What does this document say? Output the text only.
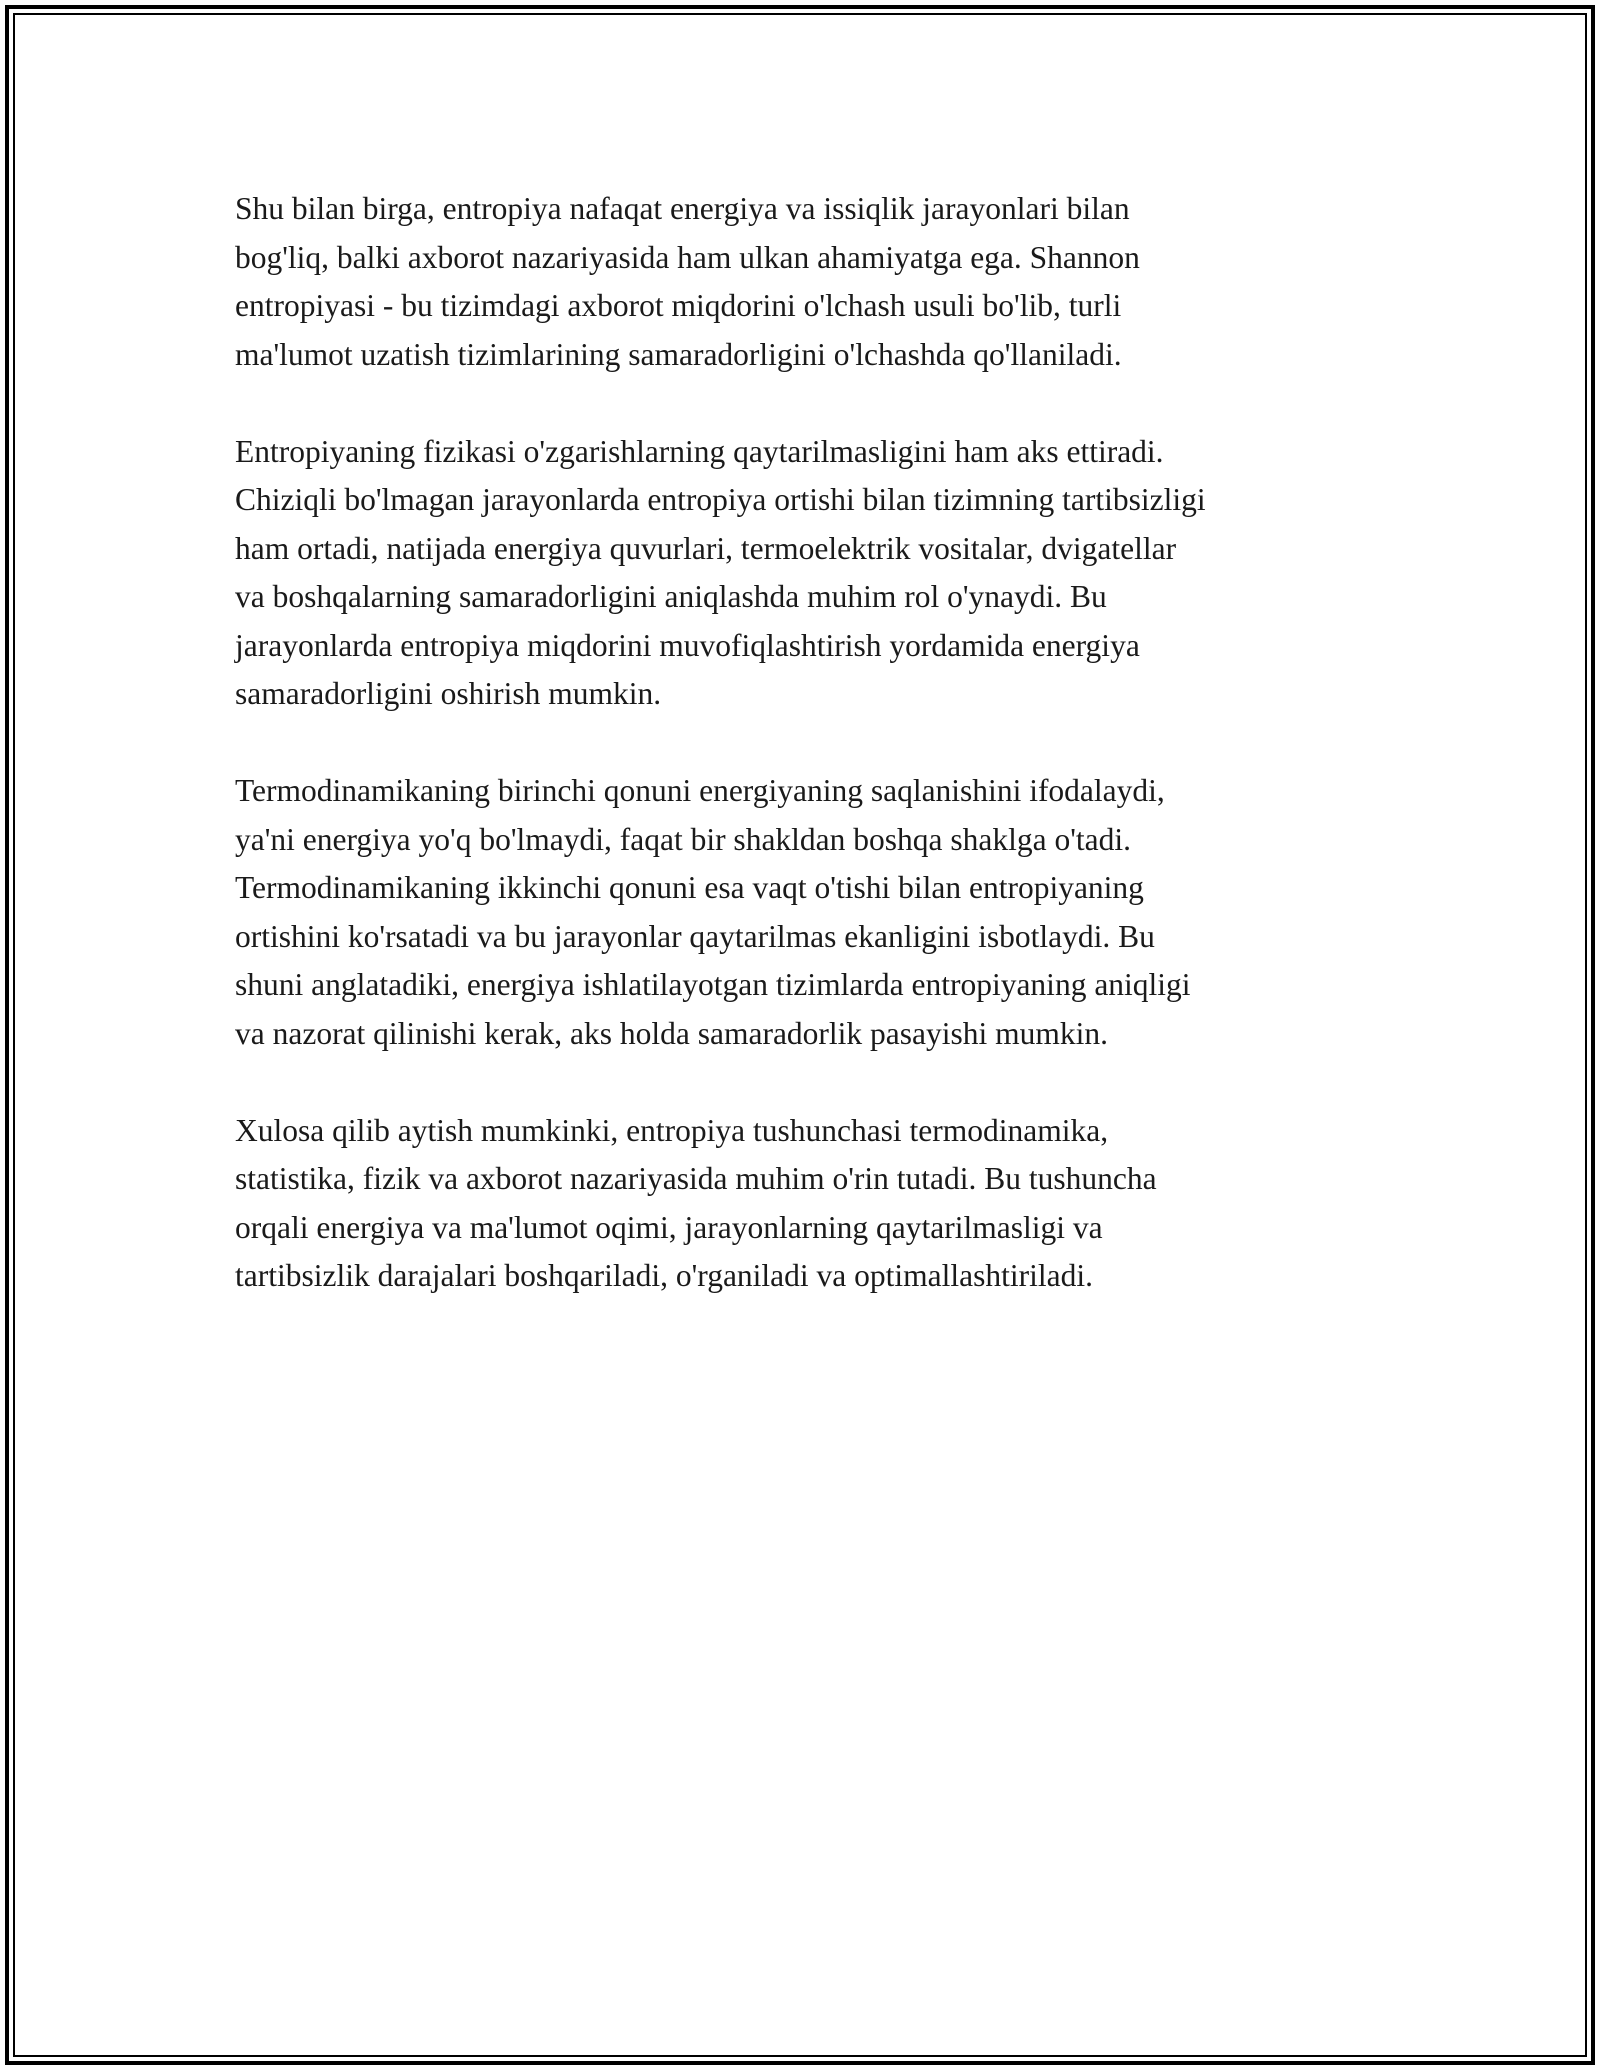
Shu bilan birga, entropiya nafaqat energiya va issiqlik jarayonlari bilan
bog'liq, balki axborot nazariyasida ham ulkan ahamiyatga ega. Shannon
entropiyasi - bu tizimdagi axborot miqdorini o'lchash usuli bo'lib, turli
ma'lumot uzatish tizimlarining samaradorligini o'lchashda qo'llaniladi.

Entropiyaning fizikasi o'zgarishlarning qaytarilmasligini ham aks ettiradi.
Chiziqli bo'lmagan jarayonlarda entropiya ortishi bilan tizimning tartibsizligi
ham ortadi, natijada energiya quvurlari, termoelektrik vositalar, dvigatellar
va boshqalarning samaradorligini aniqlashda muhim rol o'ynaydi. Bu
jarayonlarda entropiya miqdorini muvofiqlashtirish yordamida energiya
samaradorligini oshirish mumkin.

Termodinamikaning birinchi qonuni energiyaning saqlanishini ifodalaydi,
ya'ni energiya yo'q bo'lmaydi, faqat bir shakldan boshqa shaklga o'tadi.
Termodinamikaning ikkinchi qonuni esa vaqt o'tishi bilan entropiyaning
ortishini ko'rsatadi va bu jarayonlar qaytarilmas ekanligini isbotlaydi. Bu
shuni anglatadiki, energiya ishlatilayotgan tizimlarda entropiyaning aniqligi
va nazorat qilinishi kerak, aks holda samaradorlik pasayishi mumkin.

Xulosa qilib aytish mumkinki, entropiya tushunchasi termodinamika,
statistika, fizik va axborot nazariyasida muhim o'rin tutadi. Bu tushuncha
orqali energiya va ma'lumot oqimi, jarayonlarning qaytarilmasligi va
tartibsizlik darajalari boshqariladi, o'rganiladi va optimallashtiriladi.
